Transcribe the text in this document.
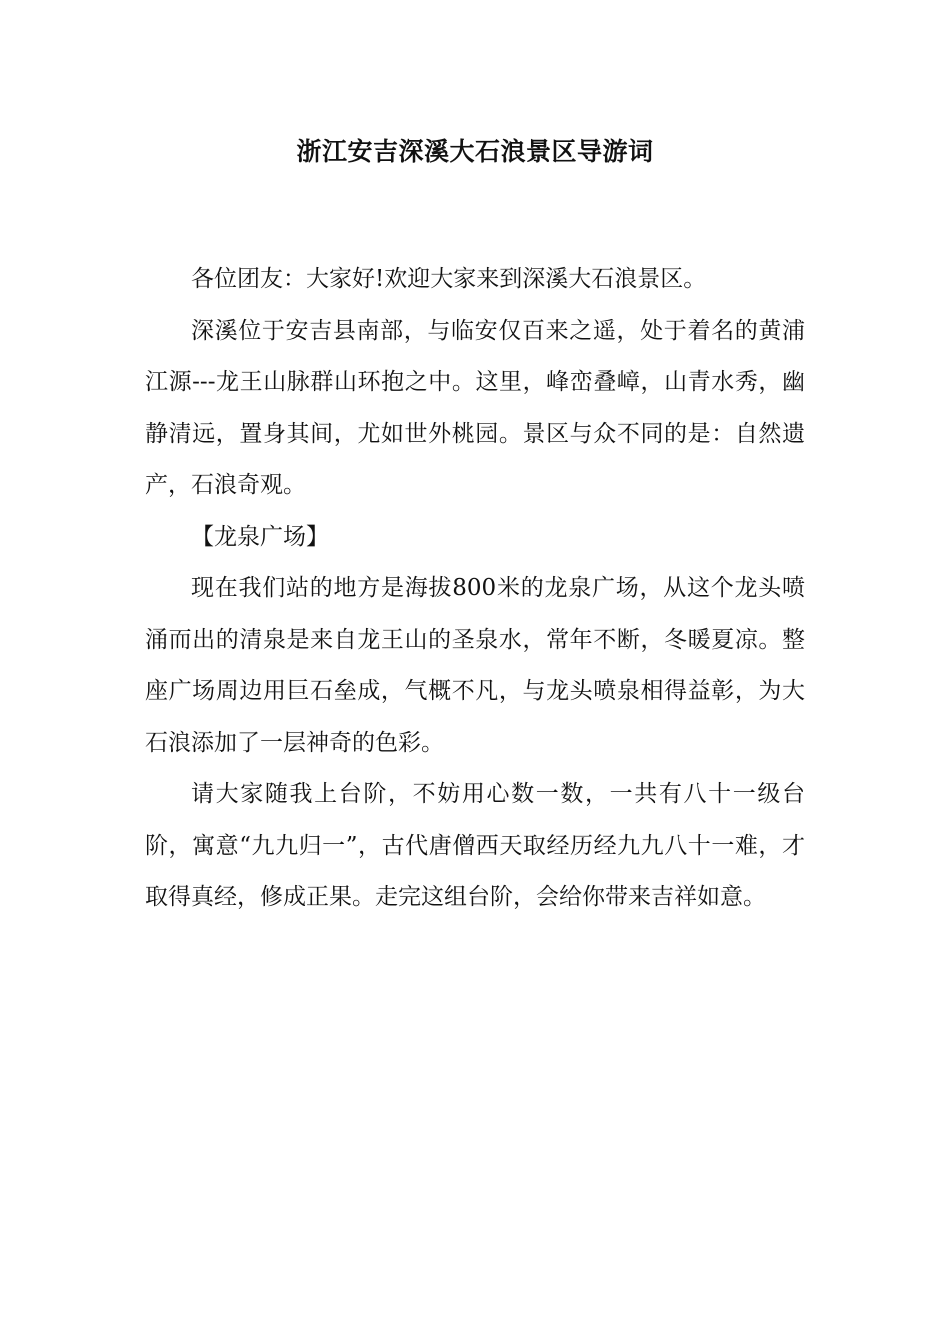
浙江安吉深溪大石浪景区导游词

各位团友：大家好!欢迎大家来到深溪大石浪景区。

深溪位于安吉县南部，与临安仅百来之遥，处于着名的黄浦江源---龙王山脉群山环抱之中。这里，峰峦叠嶂，山青水秀，幽静清远，置身其间，尤如世外桃园。景区与众不同的是：自然遗产，石浪奇观。

【龙泉广场】

现在我们站的地方是海拔800米的龙泉广场，从这个龙头喷涌而出的清泉是来自龙王山的圣泉水，常年不断，冬暖夏凉。整座广场周边用巨石垒成，气概不凡，与龙头喷泉相得益彰，为大石浪添加了一层神奇的色彩。

请大家随我上台阶，不妨用心数一数，一共有八十一级台阶，寓意“九九归一”，古代唐僧西天取经历经九九八十一难，才取得真经，修成正果。走完这组台阶，会给你带来吉祥如意。
